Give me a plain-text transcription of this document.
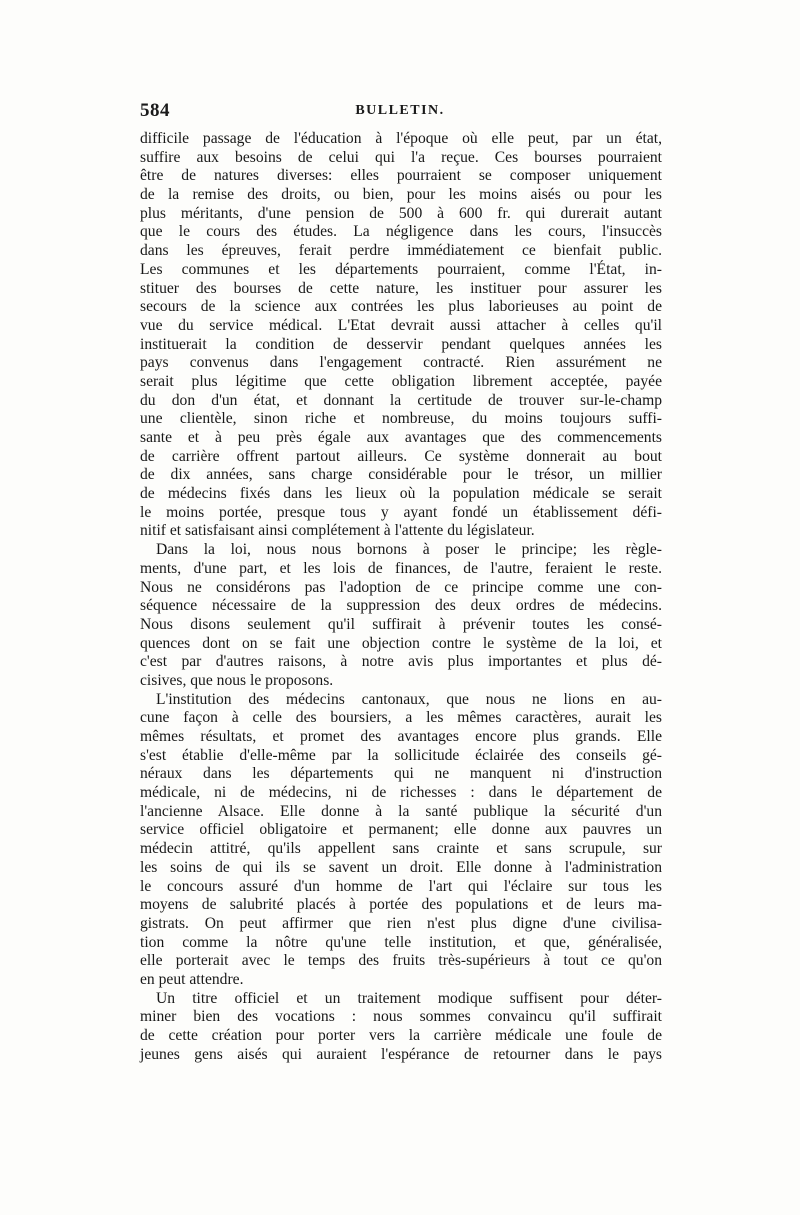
584	BULLETIN.
difficile passage de l'éducation à l'époque où elle peut, par un état,
suffire aux besoins de celui qui l'a reçue. Ces bourses pourraient
être de natures diverses: elles pourraient se composer uniquement
de la remise des droits, ou bien, pour les moins aisés ou pour les
plus méritants, d'une pension de 500 à 600 fr. qui durerait autant
que le cours des études. La négligence dans les cours, l'insuccès
dans les épreuves, ferait perdre immédiatement ce bienfait public.
Les communes et les départements pourraient, comme l'État, in-
stituer des bourses de cette nature, les instituer pour assurer les
secours de la science aux contrées les plus laborieuses au point de
vue du service médical. L'Etat devrait aussi attacher à celles qu'il
instituerait la condition de desservir pendant quelques années les
pays convenus dans l'engagement contracté. Rien assurément ne
serait plus légitime que cette obligation librement acceptée, payée
du don d'un état, et donnant la certitude de trouver sur-le-champ
une clientèle, sinon riche et nombreuse, du moins toujours suffi-
sante et à peu près égale aux avantages que des commencements
de carrière offrent partout ailleurs. Ce système donnerait au bout
de dix années, sans charge considérable pour le trésor, un millier
de médecins fixés dans les lieux où la population médicale se serait
le moins portée, presque tous y ayant fondé un établissement défi-
nitif et satisfaisant ainsi complétement à l'attente du législateur.
Dans la loi, nous nous bornons à poser le principe; les règle-
ments, d'une part, et les lois de finances, de l'autre, feraient le reste.
Nous ne considérons pas l'adoption de ce principe comme une con-
séquence nécessaire de la suppression des deux ordres de médecins.
Nous disons seulement qu'il suffirait à prévenir toutes les consé-
quences dont on se fait une objection contre le système de la loi, et
c'est par d'autres raisons, à notre avis plus importantes et plus dé-
cisives, que nous le proposons.
L'institution des médecins cantonaux, que nous ne lions en au-
cune façon à celle des boursiers, a les mêmes caractères, aurait les
mêmes résultats, et promet des avantages encore plus grands. Elle
s'est établie d'elle-même par la sollicitude éclairée des conseils gé-
néraux dans les départements qui ne manquent ni d'instruction
médicale, ni de médecins, ni de richesses : dans le département de
l'ancienne Alsace. Elle donne à la santé publique la sécurité d'un
service officiel obligatoire et permanent; elle donne aux pauvres un
médecin attitré, qu'ils appellent sans crainte et sans scrupule, sur
les soins de qui ils se savent un droit. Elle donne à l'administration
le concours assuré d'un homme de l'art qui l'éclaire sur tous les
moyens de salubrité placés à portée des populations et de leurs ma-
gistrats. On peut affirmer que rien n'est plus digne d'une civilisa-
tion comme la nôtre qu'une telle institution, et que, généralisée,
elle porterait avec le temps des fruits très-supérieurs à tout ce qu'on
en peut attendre.
Un titre officiel et un traitement modique suffisent pour déter-
miner bien des vocations : nous sommes convaincu qu'il suffirait
de cette création pour porter vers la carrière médicale une foule de
jeunes gens aisés qui auraient l'espérance de retourner dans le pays
